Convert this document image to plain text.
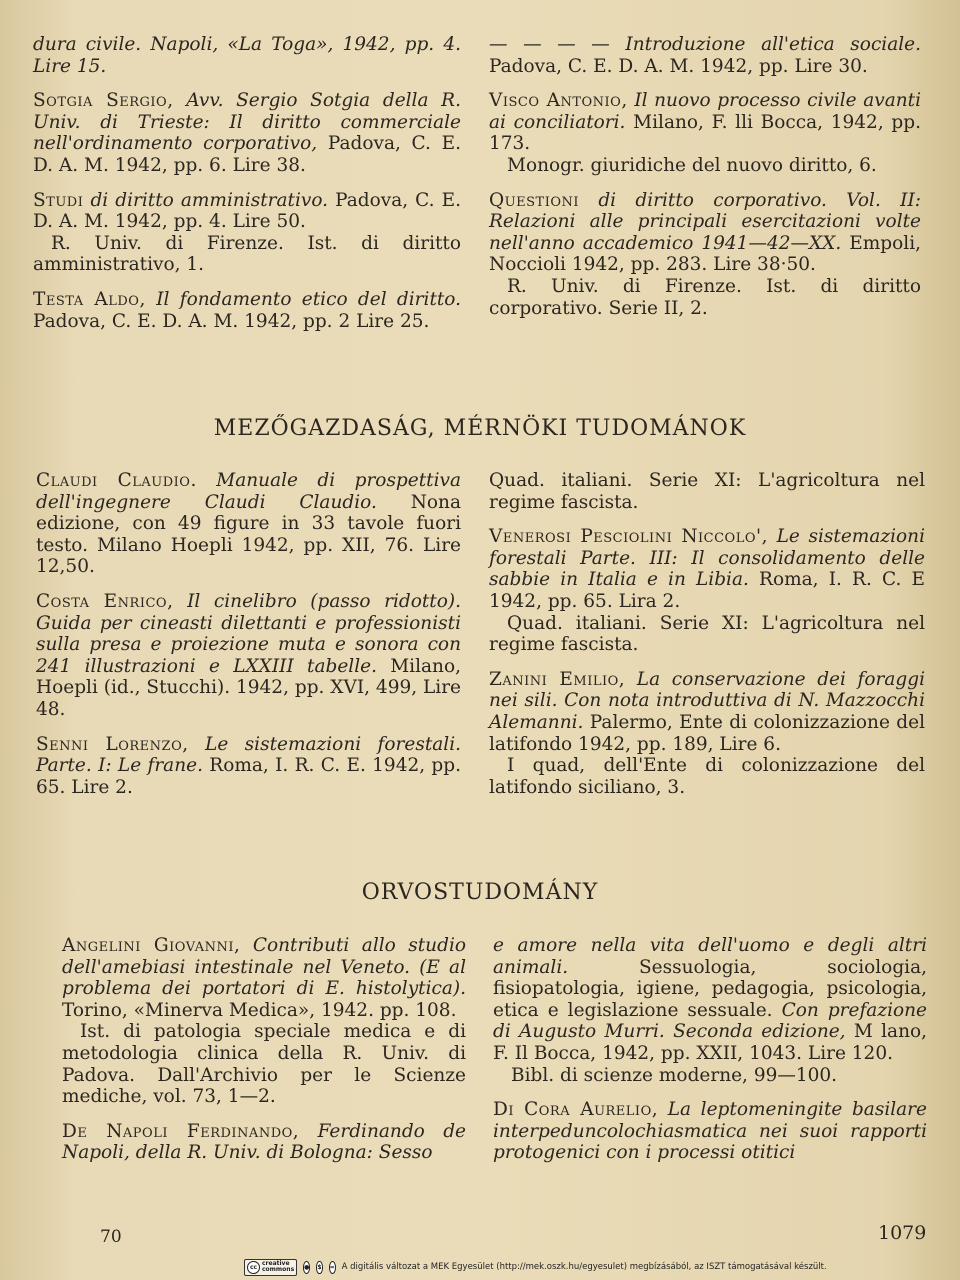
dura civile. Napoli, «La Toga», 1942, pp. 4. Lire 15.

Sotgia Sergio, Avv. Sergio Sotgia della R. Univ. di Trieste: Il diritto commerciale nell'ordinamento corporativo, Padova, C. E. D. A. M. 1942, pp. 6. Lire 38.

Studi di diritto amministrativo. Padova, C. E. D. A. M. 1942, pp. 4. Lire 50.

R. Univ. di Firenze. Ist. di diritto amministrativo, 1.

Testa Aldo, Il fondamento etico del diritto. Padova, C. E. D. A. M. 1942, pp. 2 Lire 25.

— — — — Introduzione all'etica sociale. Padova, C. E. D. A. M. 1942, pp. Lire 30.

Visco Antonio, Il nuovo processo civile avanti ai conciliatori. Milano, F. lli Bocca, 1942, pp. 173.

Monogr. giuridiche del nuovo diritto, 6.

Questioni di diritto corporativo. Vol. II: Relazioni alle principali esercitazioni volte nell'anno accademico 1941—42—XX. Empoli, Noccioli 1942, pp. 283. Lire 38·50.

R. Univ. di Firenze. Ist. di diritto corporativo. Serie II, 2.

MEZŐGAZDASÁG, MÉRNÖKI TUDOMÁNOK

Claudi Claudio. Manuale di prospettiva dell'ingegnere Claudi Claudio. Nona edizione, con 49 figure in 33 tavole fuori testo. Milano Hoepli 1942, pp. XII, 76. Lire 12,50.

Costa Enrico, Il cinelibro (passo ridotto). Guida per cineasti dilettanti e professionisti sulla presa e proiezione muta e sonora con 241 illustrazioni e LXXIII tabelle. Milano, Hoepli (id., Stucchi). 1942, pp. XVI, 499, Lire 48.

Senni Lorenzo, Le sistemazioni forestali. Parte. I: Le frane. Roma, I. R. C. E. 1942, pp. 65. Lire 2.

Quad. italiani. Serie XI: L'agricoltura nel regime fascista.

Venerosi Pesciolini Niccolo', Le sistemazioni forestali Parte. III: Il consolidamento delle sabbie in Italia e in Libia. Roma, I. R. C. E 1942, pp. 65. Lira 2.

Quad. italiani. Serie XI: L'agricoltura nel regime fascista.

Zanini Emilio, La conservazione dei foraggi nei sili. Con nota introduttiva di N. Mazzocchi Alemanni. Palermo, Ente di colonizzazione del latifondo 1942, pp. 189, Lire 6.

I quad, dell'Ente di colonizzazione del latifondo siciliano, 3.

ORVOSTUDOMÁNY

Angelini Giovanni, Contributi allo studio dell'amebiasi intestinale nel Veneto. (E al problema dei portatori di E. histolytica). Torino, «Minerva Medica», 1942. pp. 108.

Ist. di patologia speciale medica e di metodologia clinica della R. Univ. di Padova. Dall'Archivio per le Scienze mediche, vol. 73, 1—2.

De Napoli Ferdinando, Ferdinando de Napoli, della R. Univ. di Bologna: Sesso

e amore nella vita dell'uomo e degli altri animali.	Sessuologia, sociologia, fisiopatologia, igiene, pedagogia, psicologia, etica e legislazione sessuale. Con prefazione di Augusto Murri. Seconda edizione, M lano, F. Il Bocca, 1942, pp. XXII, 1043. Lire 120.

Bibl. di scienze moderne, 99—100.

Di Cora Aurelio, La leptomeningite basilare interpeduncolochiasmatica nei suoi rapporti protogenici con i processi otitici

70	1079
cc creative
commons ● $ = A digitális változat a MEK Egyesület (http://mek.oszk.hu/egyesulet) megbízásából, az ISZT támogatásával készült.
